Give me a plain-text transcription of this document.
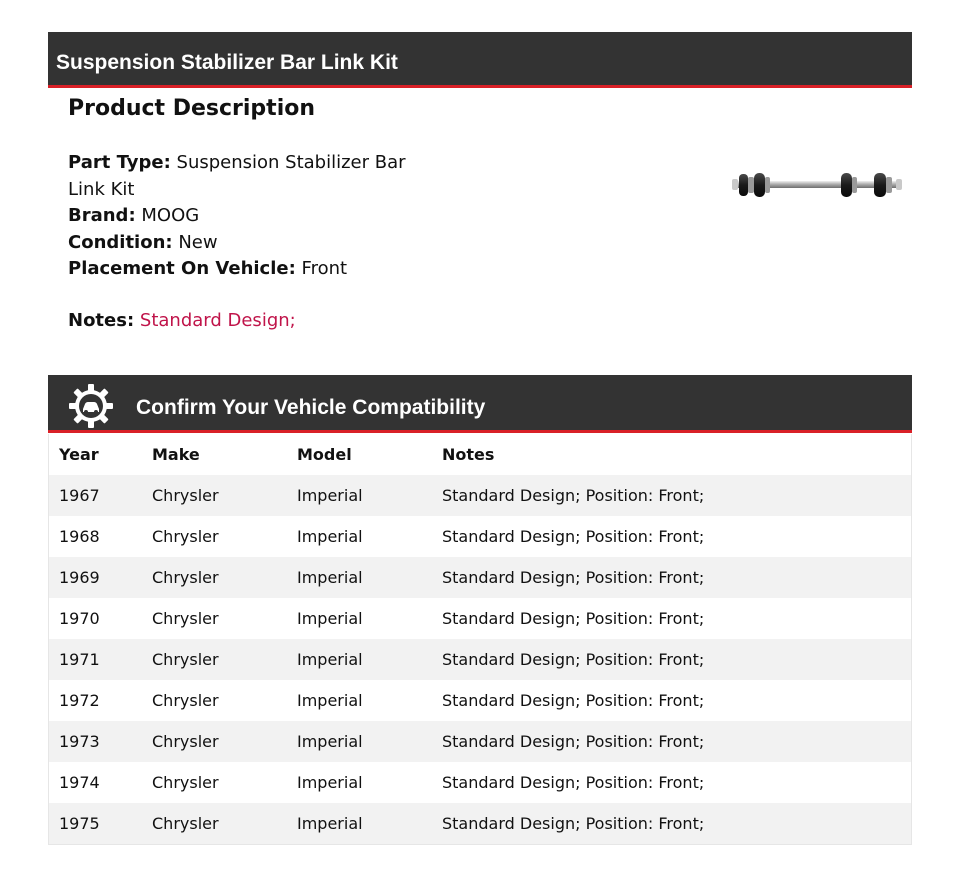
Suspension Stabilizer Bar Link Kit
Product Description
Part Type: Suspension Stabilizer Bar Link Kit
Brand: MOOG
Condition: New
Placement On Vehicle: Front
Notes: Standard Design;
Confirm Your Vehicle Compatibility
Year	Make	Model	Notes
1967	Chrysler	Imperial	Standard Design; Position: Front;
1968	Chrysler	Imperial	Standard Design; Position: Front;
1969	Chrysler	Imperial	Standard Design; Position: Front;
1970	Chrysler	Imperial	Standard Design; Position: Front;
1971	Chrysler	Imperial	Standard Design; Position: Front;
1972	Chrysler	Imperial	Standard Design; Position: Front;
1973	Chrysler	Imperial	Standard Design; Position: Front;
1974	Chrysler	Imperial	Standard Design; Position: Front;
1975	Chrysler	Imperial	Standard Design; Position: Front;
